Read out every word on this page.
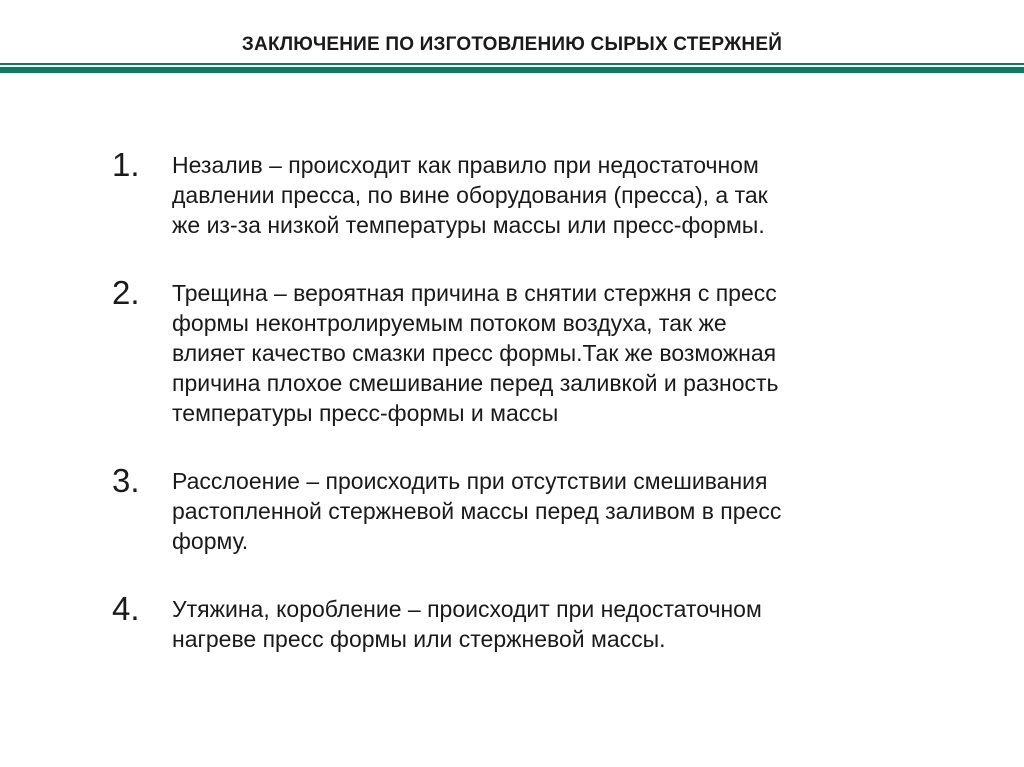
ЗАКЛЮЧЕНИЕ ПО ИЗГОТОВЛЕНИЮ СЫРЫХ СТЕРЖНЕЙ
1.	Незалив – происходит как правило при недостаточном
давлении пресса, по вине оборудования (пресса), а так
же из-за низкой температуры массы или пресс-формы.
2.	Трещина – вероятная причина в снятии стержня с пресс
формы неконтролируемым потоком воздуха, так же
влияет качество смазки пресс формы.Так же возможная
причина плохое смешивание перед заливкой и разность
температуры пресс-формы и массы
3.	Расслоение – происходить при отсутствии смешивания
растопленной стержневой массы перед заливом в пресс
форму.
4.	Утяжина, коробление – происходит при недостаточном
нагреве пресс формы или стержневой массы.
